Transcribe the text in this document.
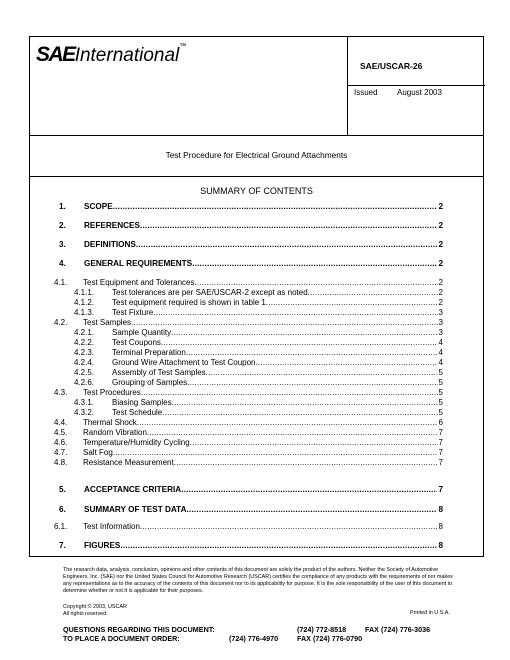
SAEInternational™
SAE/USCAR-26
Issued August 2003
Test Procedure for Electrical Ground Attachments
SUMMARY OF CONTENTS
1.	SCOPE .....	2
2.	REFERENCES .....	2
3.	DEFINITIONS .....	2
4.	GENERAL REQUIREMENTS .....	2
4.1.	Test Equipment and Tolerances .....	2
4.1.1.	Test tolerances are per SAE/USCAR-2 except as noted .....	2
4.1.2.	Test equipment required is shown in table 1 .....	2
4.1.3.	Test Fixture .....	3
4.2.	Test Samples .....	3
4.2.1.	Sample Quantity .....	3
4.2.2.	Test Coupons .....	4
4.2.3.	Terminal Preparation .....	4
4.2.4.	Ground Wire Attachment to Test Coupon .....	4
4.2.5.	Assembly of Test Samples .....	5
4.2.6.	Grouping of Samples .....	5
4.3.	Test Procedures .....	5
4.3.1.	Biasing Samples .....	5
4.3.2.	Test Schedule .....	5
4.4.	Thermal Shock .....	6
4.5.	Random Vibration .....	7
4.6.	Temperature/Humidity Cycling .....	7
4.7.	Salt Fog .....	7
4.8.	Resistance Measurement .....	7
5.	ACCEPTANCE CRITERIA .....	7
6.	SUMMARY OF TEST DATA .....	8
6.1.	Test Information .....	8
7.	FIGURES .....	8
The research data, analysis, conclusion, opinions and other contents of this document are solely the product of the authors. Neither the Society of Automotive Engineers, Inc. (SAE) nor the United States Council for Automotive Research (USCAR) certifies the compliance of any products with the requirements of nor makes any representations as to the accuracy of the contents of this document nor to its applicability for purpose. It is the sole responsibility of the user of this document to determine whether or not it is applicable for their purposes.
Copyright © 2003, USCAR
All rights reserved.	Printed in U.S.A.
QUESTIONS REGARDING THIS DOCUMENT:	(724) 772-8518	FAX (724) 776-3036
TO PLACE A DOCUMENT ORDER:	(724) 776-4970	FAX (724) 776-0790
